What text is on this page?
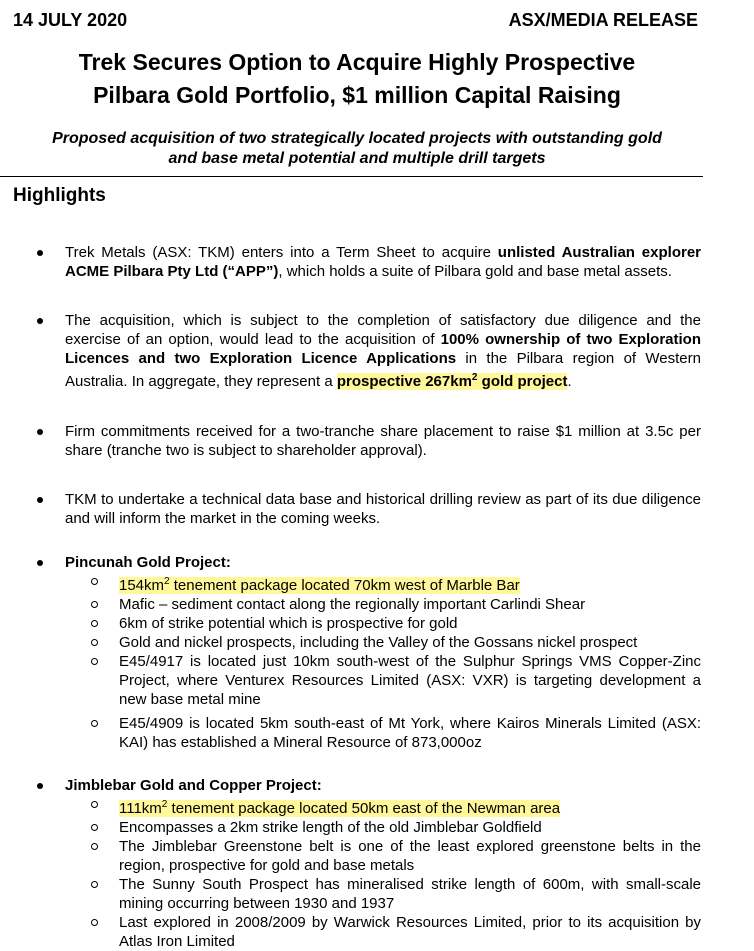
14 JULY 2020	ASX/MEDIA RELEASE
Trek Secures Option to Acquire Highly Prospective
Pilbara Gold Portfolio, $1 million Capital Raising
Proposed acquisition of two strategically located projects with outstanding gold
and base metal potential and multiple drill targets
Highlights
Trek Metals (ASX: TKM) enters into a Term Sheet to acquire unlisted Australian explorer ACME Pilbara Pty Ltd (“APP”), which holds a suite of Pilbara gold and base metal assets.
The acquisition, which is subject to the completion of satisfactory due diligence and the exercise of an option, would lead to the acquisition of 100% ownership of two Exploration Licences and two Exploration Licence Applications in the Pilbara region of Western Australia. In aggregate, they represent a prospective $267km^2$ gold project.
Firm commitments received for a two-tranche share placement to raise $1 million at 3.5c per share (tranche two is subject to shareholder approval).
TKM to undertake a technical data base and historical drilling review as part of its due diligence and will inform the market in the coming weeks.
Pincunah Gold Project:
$154km^2$ tenement package located 70km west of Marble Bar
Mafic – sediment contact along the regionally important Carlindi Shear
6km of strike potential which is prospective for gold
Gold and nickel prospects, including the Valley of the Gossans nickel prospect
E45/4917 is located just 10km south-west of the Sulphur Springs VMS Copper-Zinc Project, where Venturex Resources Limited (ASX: VXR) is targeting development a new base metal mine
E45/4909 is located 5km south-east of Mt York, where Kairos Minerals Limited (ASX: KAI) has established a Mineral Resource of 873,000oz
Jimblebar Gold and Copper Project:
$111km^2$ tenement package located 50km east of the Newman area
Encompasses a 2km strike length of the old Jimblebar Goldfield
The Jimblebar Greenstone belt is one of the least explored greenstone belts in the region, prospective for gold and base metals
The Sunny South Prospect has mineralised strike length of 600m, with small-scale mining occurring between 1930 and 1937
Last explored in 2008/2009 by Warwick Resources Limited, prior to its acquisition by Atlas Iron Limited
